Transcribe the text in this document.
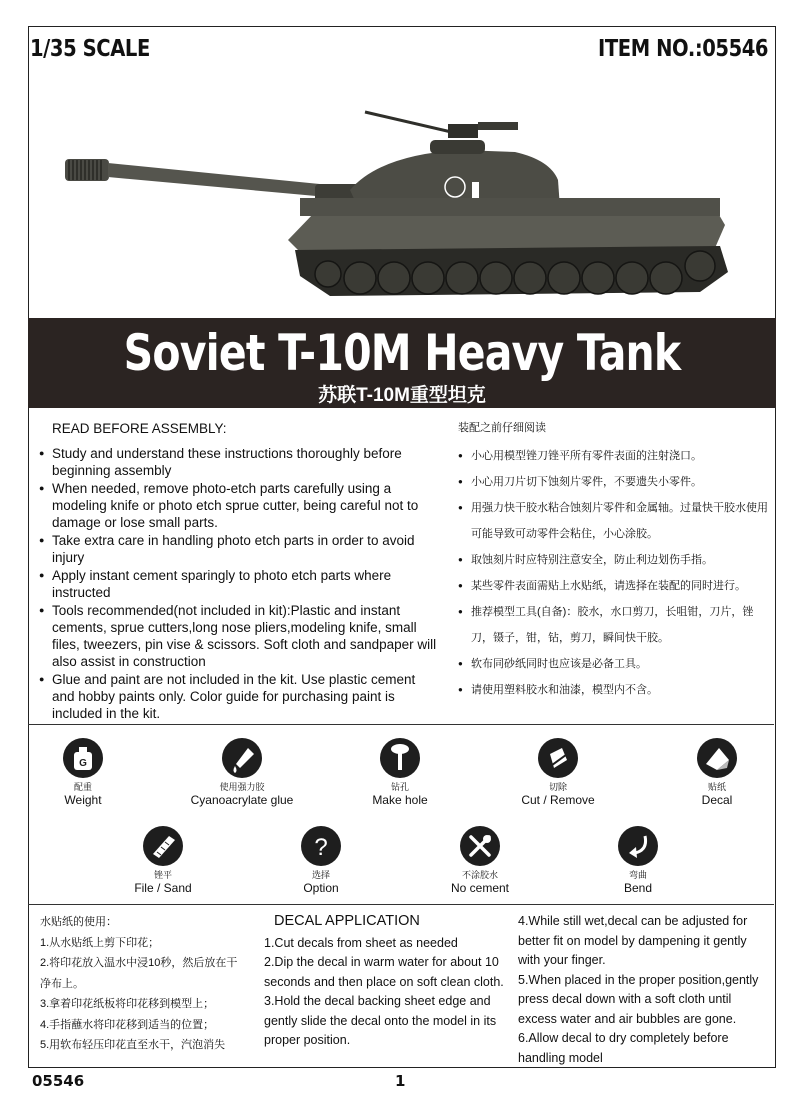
1/35 SCALE	ITEM NO.:05546
Soviet T-10M Heavy Tank
苏联T-10M重型坦克
READ BEFORE ASSEMBLY:
● Study and understand these instructions thoroughly before beginning assembly
● When needed, remove photo-etch parts carefully using a modeling knife or photo etch sprue cutter, being careful not to damage or lose small parts.
● Take extra care in handling photo etch parts in order to avoid injury
● Apply instant cement sparingly to photo etch parts where instructed
● Tools recommended(not included in kit):Plastic and instant cements, sprue cutters,long nose pliers,modeling knife, small files, tweezers, pin vise & scissors. Soft cloth and sandpaper will also assist in construction
● Glue and paint are not included in the kit. Use plastic cement and hobby paints only. Color guide for purchasing paint is included in the kit.
装配之前仔细阅读
● 小心用模型锉刀锉平所有零件表面的注射浇口。
● 小心用刀片切下蚀刻片零件，不要遗失小零件。
● 用强力快干胶水粘合蚀刻片零件和金属轴。过量快干胶水使用可能导致可动零件会粘住，小心涂胶。
● 取蚀刻片时应特别注意安全，防止利边划伤手指。
● 某些零件表面需贴上水贴纸，请选择在装配的同时进行。
● 推荐模型工具(自备)：胶水，水口剪刀，长咀钳，刀片，锉刀，镊子，钳，钻，剪刀，瞬间快干胶。
● 软布同砂纸同时也应该是必备工具。
● 请使用塑料胶水和油漆，模型内不含。
G
配重
Weight
使用强力胶
Cyanoacrylate glue
钻孔
Make hole
切除
Cut / Remove
贴纸
Decal
锉平
File / Sand
?
选择
Option
不涂胶水
No cement
弯曲
Bend
水贴纸的使用：
1.从水贴纸上剪下印花；
2.将印花放入温水中浸10秒，然后放在干净布上。
3.拿着印花纸板将印花移到模型上；
4.手指蘸水将印花移到适当的位置；
5.用软布轻压印花直至水干，汽泡消失
DECAL APPLICATION
1.Cut decals from sheet as needed
2.Dip the decal in warm water for about 10 seconds and then place on soft clean cloth.
3.Hold the decal backing sheet edge and gently slide the decal onto the model in its proper position.
4.While still wet,decal can be adjusted for better fit on model by dampening it gently with your finger.
5.When placed in the proper position,gently press decal down with a soft cloth until excess water and air bubbles are gone.
6.Allow decal to dry completely before handling model
05546	1
